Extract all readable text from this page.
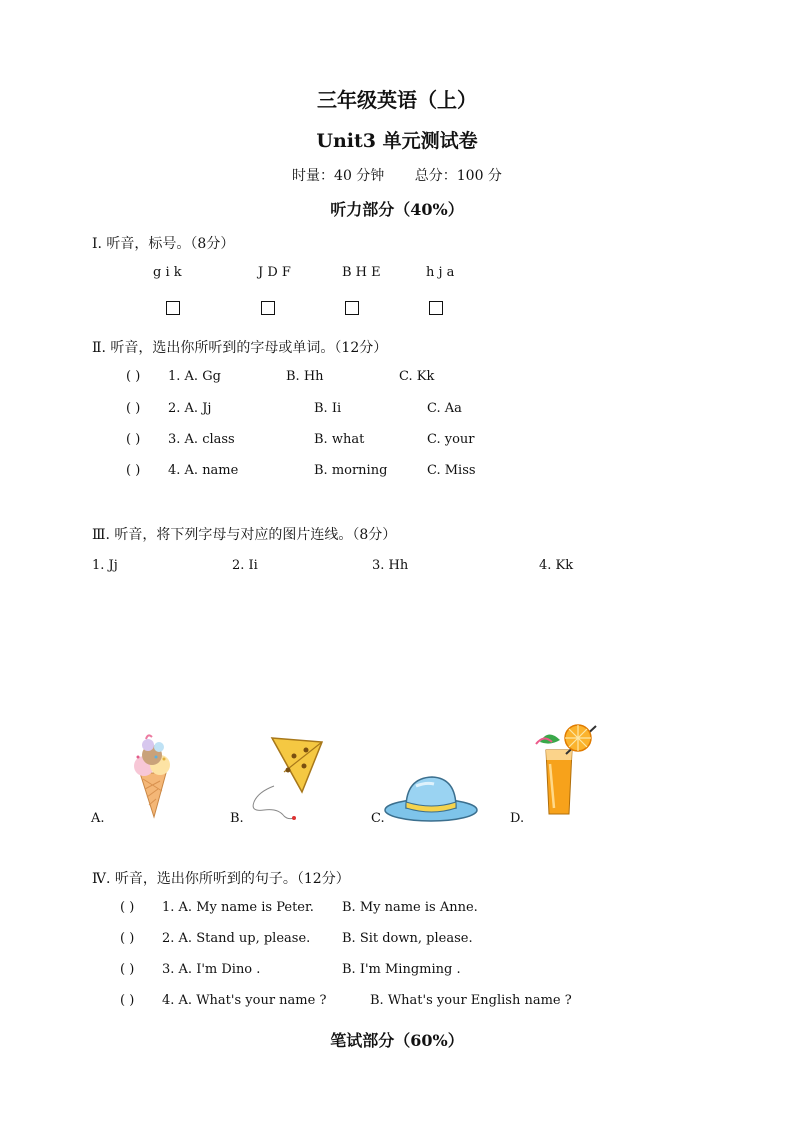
三年级英语（上）
Unit3 单元测试卷
时量：40 分钟 总分：100 分
听力部分（40%）
Ⅰ. 听音，标号。（8分）
g i k	J D F	B H E	h j a
Ⅱ. 听音，选出你所听到的字母或单词。（12分）
( ) 1. A. Gg	B. Hh	C. Kk
( ) 2. A. Jj	B. Ii	C. Aa
( ) 3. A. class	B. what	C. your
( ) 4. A. name	B. morning	C. Miss
Ⅲ. 听音，将下列字母与对应的图片连线。（8分）
1. Jj	2. Ii	3. Hh	4. Kk
A.	B.	C.	D.
Ⅳ. 听音，选出你所听到的句子。（12分）
( ) 1. A. My name is Peter. B. My name is Anne.
( ) 2. A. Stand up, please. B. Sit down, please.
( ) 3. A. I'm Dino .	B. I'm Mingming .
( ) 4. A. What's your name ?	B. What's your English name ?
笔试部分（60%）
